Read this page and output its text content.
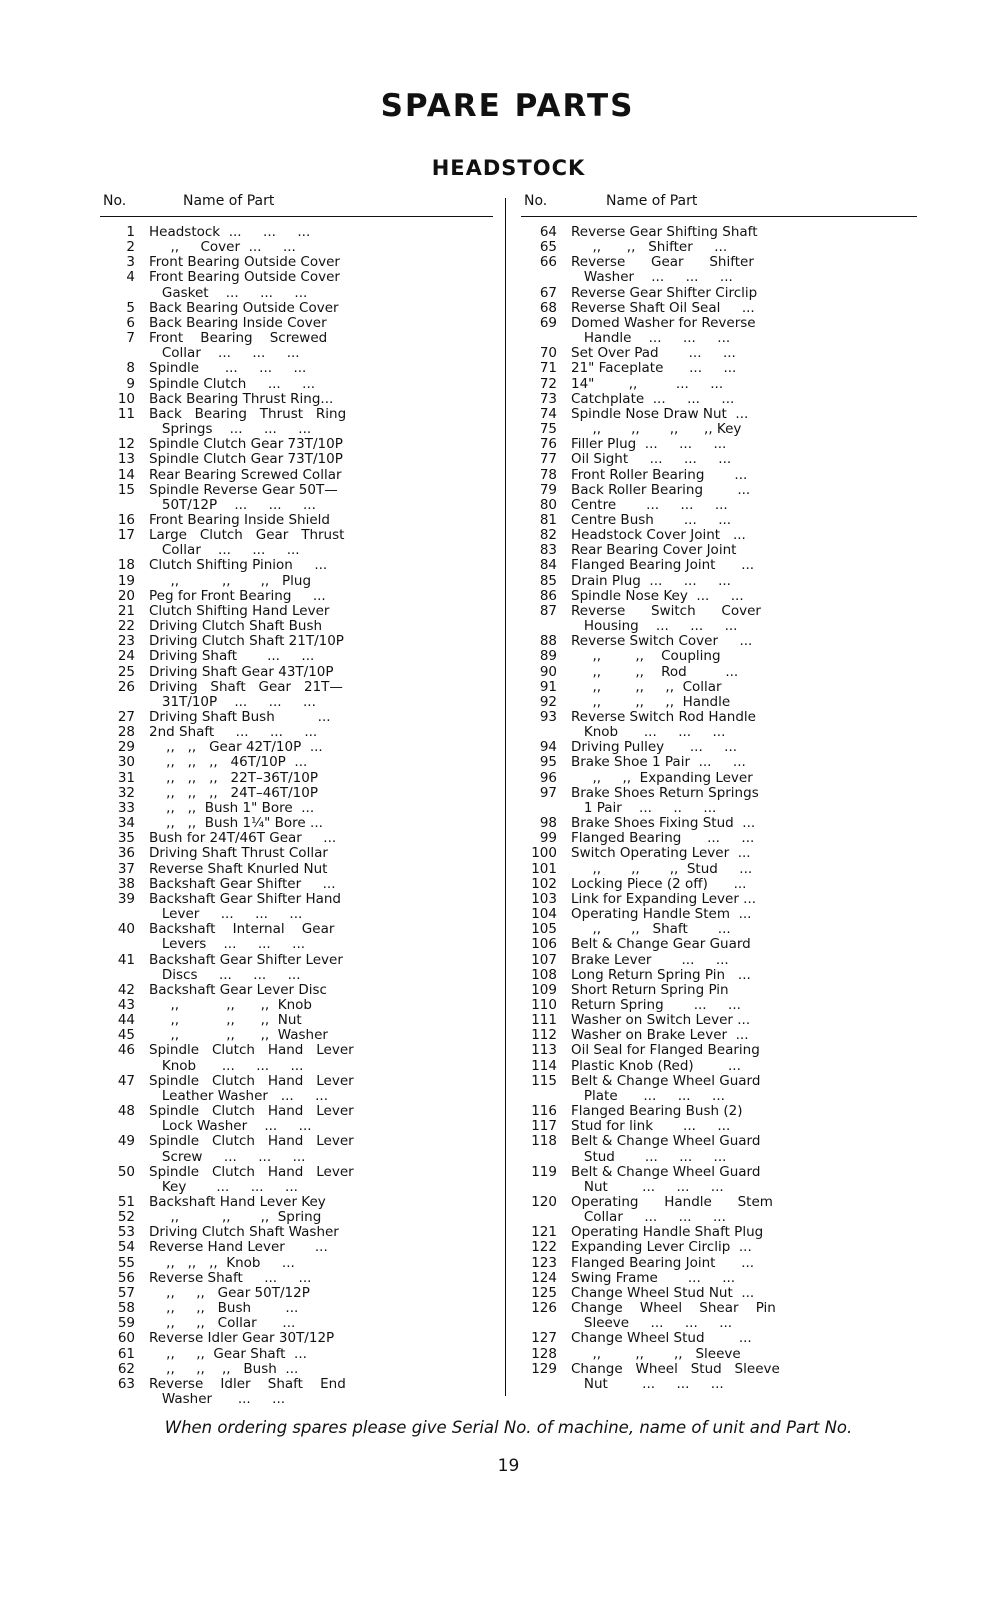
SPARE PARTS
HEADSTOCK
No.	Name of Part
1	Headstock  ...     ...     ...
2	,,     Cover  ...     ...
3	Front Bearing Outside Cover
4	Front Bearing Outside Cover
Gasket    ...     ...     ...
5	Back Bearing Outside Cover
6	Back Bearing Inside Cover
7	Front    Bearing    Screwed
Collar    ...     ...     ...
8	Spindle      ...     ...     ...
9	Spindle Clutch     ...     ...
10	Back Bearing Thrust Ring...
11	Back   Bearing   Thrust   Ring
Springs    ...     ...     ...
12	Spindle Clutch Gear 73T/10P
13	Spindle Clutch Gear 73T/10P
14	Rear Bearing Screwed Collar
15	Spindle Reverse Gear 50T—
50T/12P    ...     ...     ...
16	Front Bearing Inside Shield
17	Large   Clutch   Gear   Thrust
Collar    ...     ...     ...
18	Clutch Shifting Pinion     ...
19	,,          ,,       ,,   Plug
20	Peg for Front Bearing     ...
21	Clutch Shifting Hand Lever
22	Driving Clutch Shaft Bush
23	Driving Clutch Shaft 21T/10P
24	Driving Shaft       ...     ...
25	Driving Shaft Gear 43T/10P
26	Driving   Shaft   Gear   21T—
31T/10P    ...     ...     ...
27	Driving Shaft Bush          ...
28	2nd Shaft     ...     ...     ...
29	,,   ,,   Gear 42T/10P  ...
30	,,   ,,   ,,   46T/10P  ...
31	,,   ,,   ,,   22T–36T/10P
32	,,   ,,   ,,   24T–46T/10P
33	,,   ,,  Bush 1" Bore  ...
34	,,   ,,  Bush 1¼" Bore ...
35	Bush for 24T/46T Gear     ...
36	Driving Shaft Thrust Collar
37	Reverse Shaft Knurled Nut
38	Backshaft Gear Shifter     ...
39	Backshaft Gear Shifter Hand
Lever     ...     ...     ...
40	Backshaft    Internal    Gear
Levers    ...     ...     ...
41	Backshaft Gear Shifter Lever
Discs     ...     ...     ...
42	Backshaft Gear Lever Disc
43	,,           ,,      ,,  Knob
44	,,           ,,      ,,  Nut
45	,,           ,,      ,,  Washer
46	Spindle   Clutch   Hand   Lever
Knob      ...     ...     ...
47	Spindle   Clutch   Hand   Lever
Leather Washer   ...     ...
48	Spindle   Clutch   Hand   Lever
Lock Washer    ...     ...
49	Spindle   Clutch   Hand   Lever
Screw     ...     ...     ...
50	Spindle   Clutch   Hand   Lever
Key       ...     ...     ...
51	Backshaft Hand Lever Key
52	,,          ,,       ,,  Spring
53	Driving Clutch Shaft Washer
54	Reverse Hand Lever       ...
55	,,   ,,   ,,  Knob     ...
56	Reverse Shaft     ...     ...
57	,,     ,,   Gear 50T/12P
58	,,     ,,   Bush        ...
59	,,     ,,   Collar      ...
60	Reverse Idler Gear 30T/12P
61	,,     ,,  Gear Shaft  ...
62	,,     ,,    ,,   Bush  ...
63	Reverse    Idler    Shaft    End
Washer      ...     ...
No.	Name of Part
64	Reverse Gear Shifting Shaft
65	,,      ,,   Shifter     ...
66	Reverse      Gear      Shifter
Washer    ...     ...     ...
67	Reverse Gear Shifter Circlip
68	Reverse Shaft Oil Seal     ...
69	Domed Washer for Reverse
Handle    ...     ...     ...
70	Set Over Pad       ...     ...
71	21" Faceplate      ...     ...
72	14"        ,,         ...     ...
73	Catchplate  ...     ...     ...
74	Spindle Nose Draw Nut  ...
75	,,       ,,       ,,      ,, Key
76	Filler Plug  ...     ...     ...
77	Oil Sight     ...     ...     ...
78	Front Roller Bearing       ...
79	Back Roller Bearing        ...
80	Centre       ...     ...     ...
81	Centre Bush       ...     ...
82	Headstock Cover Joint   ...
83	Rear Bearing Cover Joint
84	Flanged Bearing Joint      ...
85	Drain Plug  ...     ...     ...
86	Spindle Nose Key  ...     ...
87	Reverse      Switch      Cover
Housing    ...     ...     ...
88	Reverse Switch Cover     ...
89	,,        ,,    Coupling
90	,,        ,,    Rod         ...
91	,,        ,,     ,,  Collar
92	,,        ,,     ,,  Handle
93	Reverse Switch Rod Handle
Knob      ...     ...     ...
94	Driving Pulley      ...     ...
95	Brake Shoe 1 Pair  ...     ...
96	,,     ,,  Expanding Lever
97	Brake Shoes Return Springs
1 Pair    ...     ..     ...
98	Brake Shoes Fixing Stud  ...
99	Flanged Bearing      ...     ...
100	Switch Operating Lever  ...
101	,,       ,,       ,,  Stud     ...
102	Locking Piece (2 off)      ...
103	Link for Expanding Lever ...
104	Operating Handle Stem  ...
105	,,       ,,   Shaft       ...
106	Belt & Change Gear Guard
107	Brake Lever       ...     ...
108	Long Return Spring Pin   ...
109	Short Return Spring Pin
110	Return Spring       ...     ...
111	Washer on Switch Lever ...
112	Washer on Brake Lever  ...
113	Oil Seal for Flanged Bearing
114	Plastic Knob (Red)        ...
115	Belt & Change Wheel Guard
Plate      ...     ...     ...
116	Flanged Bearing Bush (2)
117	Stud for link       ...     ...
118	Belt & Change Wheel Guard
Stud       ...     ...     ...
119	Belt & Change Wheel Guard
Nut        ...     ...     ...
120	Operating      Handle      Stem
Collar     ...     ...     ...
121	Operating Handle Shaft Plug
122	Expanding Lever Circlip  ...
123	Flanged Bearing Joint      ...
124	Swing Frame       ...     ...
125	Change Wheel Stud Nut  ...
126	Change    Wheel    Shear    Pin
Sleeve     ...     ...     ...
127	Change Wheel Stud        ...
128	,,        ,,       ,,   Sleeve
129	Change   Wheel   Stud   Sleeve
Nut        ...     ...     ...
When ordering spares please give Serial No. of machine, name of unit and Part No.
19
